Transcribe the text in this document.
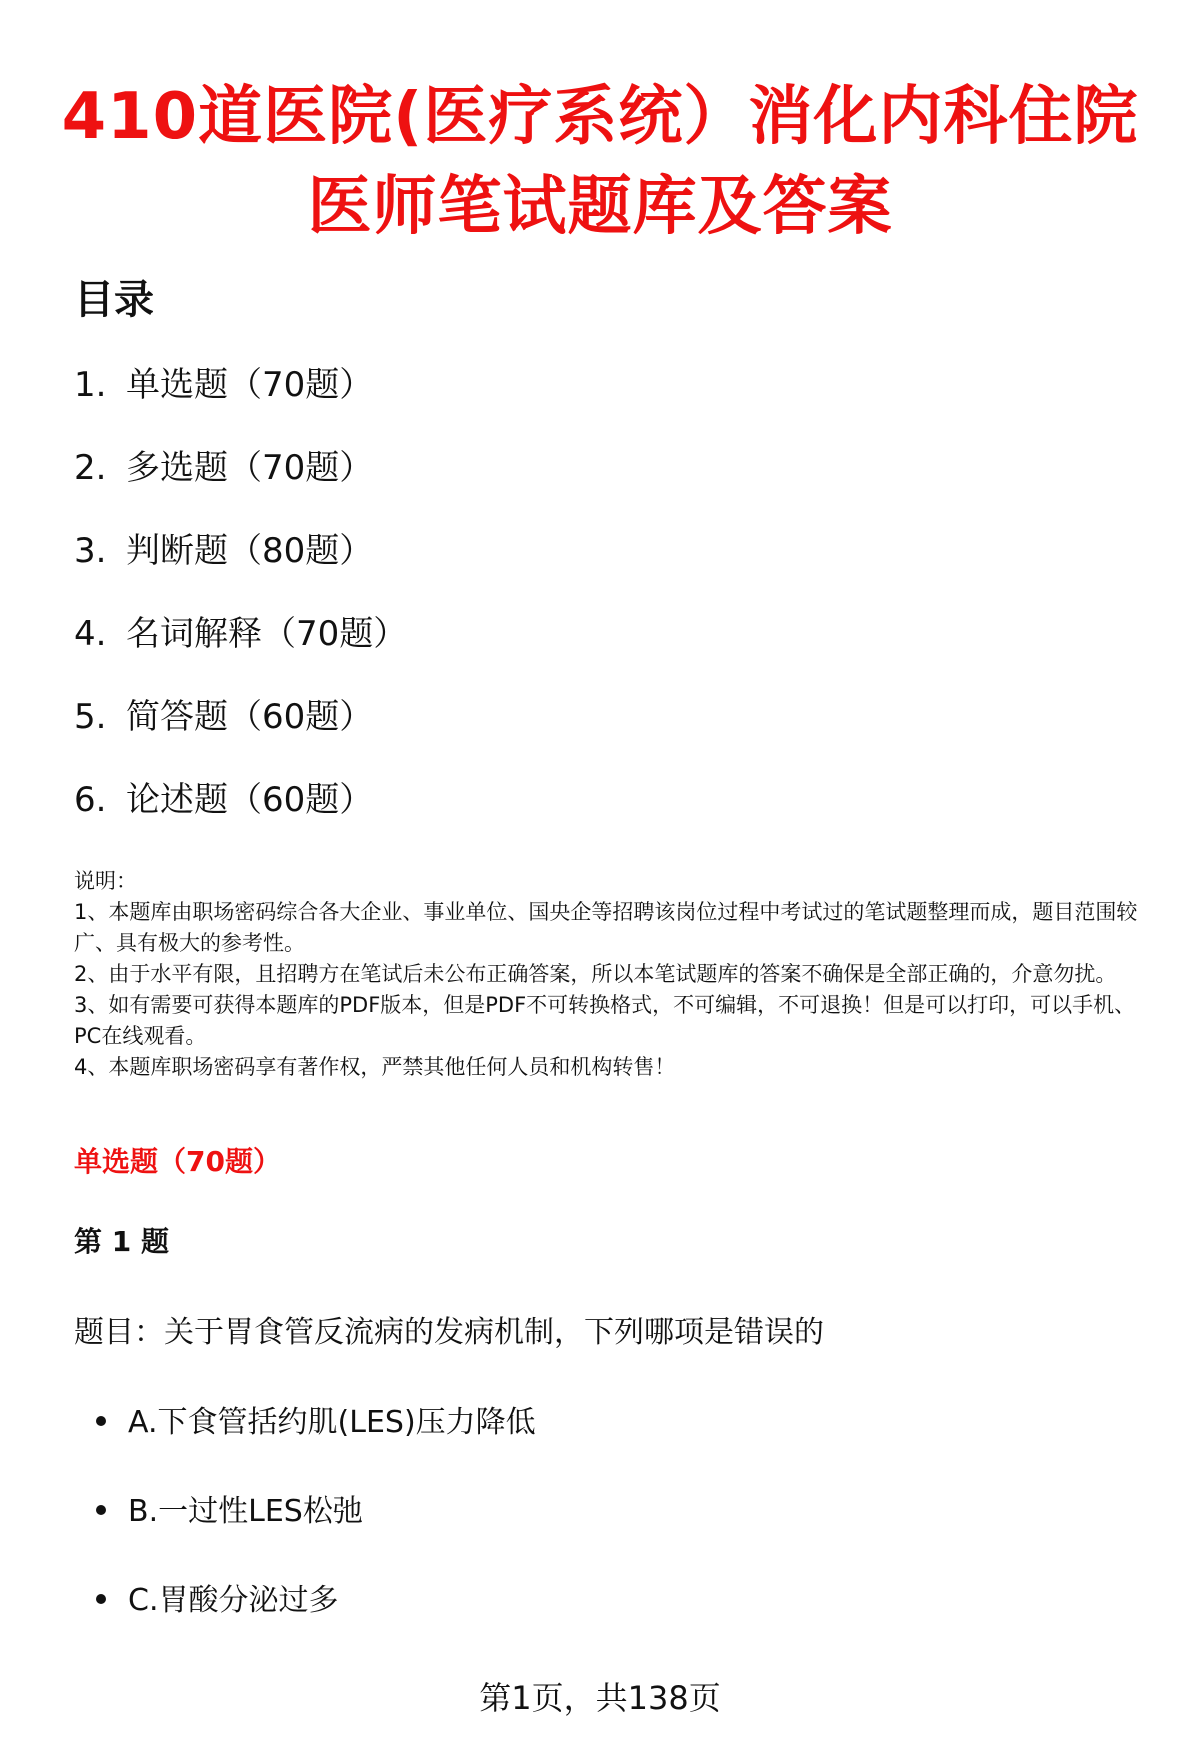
410道医院(医疗系统）消化内科住院医师笔试题库及答案
目录
1. 单选题（70题）
2. 多选题（70题）
3. 判断题（80题）
4. 名词解释（70题）
5. 简答题（60题）
6. 论述题（60题）

说明：

1、本题库由职场密码综合各大企业、事业单位、国央企等招聘该岗位过程中考试过的笔试题整理而成，题目范围较广、具有极大的参考性。

2、由于水平有限，且招聘方在笔试后未公布正确答案，所以本笔试题库的答案不确保是全部正确的，介意勿扰。

3、如有需要可获得本题库的PDF版本，但是PDF不可转换格式，不可编辑，不可退换！但是可以打印，可以手机、PC在线观看。

4、本题库职场密码享有著作权，严禁其他任何人员和机构转售！

单选题（70题）
第 1 题

题目：关于胃食管反流病的发病机制，下列哪项是错误的

A.下食管括约肌(LES)压力降低
B.一过性LES松弛
C.胃酸分泌过多
第1页，共138页
